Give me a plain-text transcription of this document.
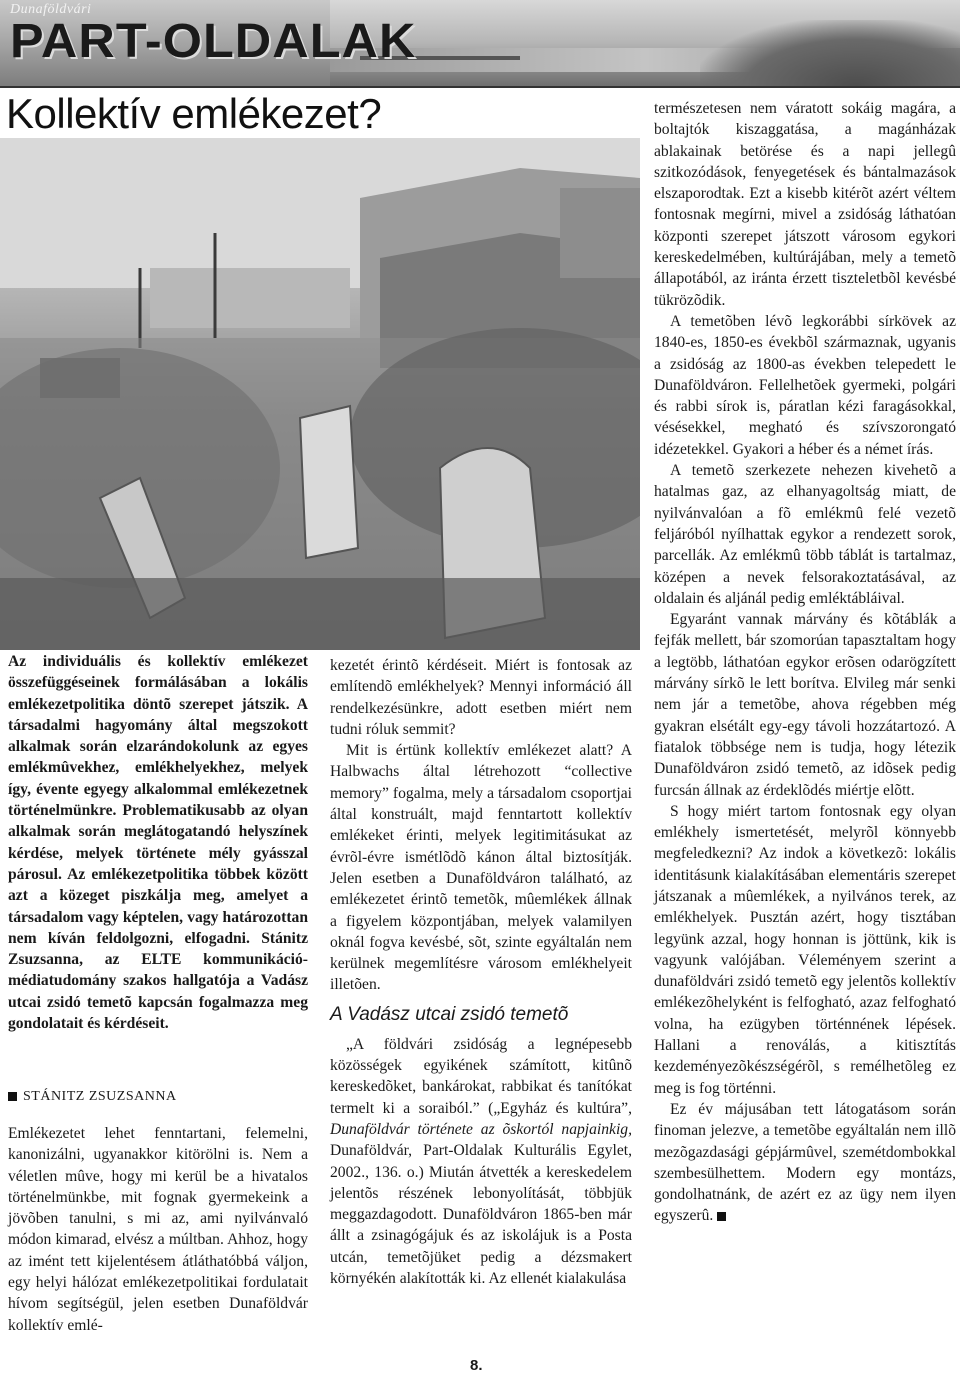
Dunaföldvári
PART-OLDALAK
Kollektív emlékezet?
Az individuális és kollektív emlékezet összefüggéseinek formálásában a lokális emlékezetpolitika döntõ szerepet játszik. A társadalmi hagyomány által megszokott alkalmak során elzarándokolunk az egyes emlékmûvekhez, emlékhelyekhez, melyek így, évente egyegy alkalommal emlékezetnek történelmünkre. Problematikusabb az olyan alkalmak során meglátogatandó helyszínek kérdése, melyek története mély gyásszal párosul. Az emlékezetpolitika többek között azt a közeget piszkálja meg, amelyet a társadalom vagy képtelen, vagy határozottan nem kíván feldolgozni, elfogadni. Stánitz Zsuzsanna, az ELTE kommunikáció-médiatudomány szakos hallgatója a Vadász utcai zsidó temetõ kapcsán fogalmazza meg gondolatait és kérdéseit.
STÁNITZ ZSUZSANNA

Emlékezetet lehet fenntartani, felemelni, kanonizálni, ugyanakkor kitörölni is. Nem a véletlen mûve, hogy mi kerül be a hivatalos történelmünkbe, mit fognak gyermekeink a jövõben tanulni, s mi az, ami nyilvánvaló módon kimarad, elvész a múltban. Ahhoz, hogy az imént tett kijelentésem átláthatóbbá váljon, egy helyi hálózat emlékezetpolitikai fordulatait hívom segítségül, jelen esetben Dunaföldvár kollektív emlé-

kezetét érintõ kérdéseit. Miért is fontosak az említendõ emlékhelyek? Mennyi információ áll rendelkezésünkre, adott esetben miért nem tudni róluk semmit?

Mit is értünk kollektív emlékezet alatt? A Halbwachs által létrehozott “collective memory” fogalma, mely a társadalom csoportjai által konstruált, majd fenntartott kollektív emlékeket érinti, melyek legitimitásukat az évrõl-évre ismétlõdõ kánon által biztosítják. Jelen esetben a Dunaföldváron található, az emlékezetet érintõ temetõk, mûemlékek állnak a figyelem központjában, melyek valamilyen oknál fogva kevésbé, sõt, szinte egyáltalán nem kerülnek megemlítésre városom emlékhelyeit illetõen.

A Vadász utcai zsidó temetõ

„A földvári zsidóság a legnépesebb közösségek egyikének számított, kitûnõ kereskedõket, bankárokat, rabbikat és tanítókat termelt ki a soraiból.” („Egyház és kultúra”, Dunaföldvár története az õskortól napjainkig, Dunaföldvár, Part-Oldalak Kulturális Egylet, 2002., 136. o.) Miután átvették a kereskedelem jelentõs részének lebonyolítását, többjük meggazdagodott. Dunaföldváron 1865-ben már állt a zsinagógájuk és az iskolájuk is a Posta utcán, temetõjüket pedig a dézsmakert környékén alakították ki. Az ellenét kialakulása

természetesen nem váratott sokáig magára, a boltajtók kiszaggatása, a magánházak ablakainak betörése és a napi jellegû szitkozódások, fenyegetések és bántalmazások elszaporodtak. Ezt a kisebb kitérõt azért véltem fontosnak megírni, mivel a zsidóság láthatóan központi szerepet játszott városom egykori kereskedelmében, kultúrájában, mely a temetõ állapotából, az iránta érzett tiszteletbõl kevésbé tükrözõdik.

A temetõben lévõ legkorábbi sírkövek az 1840-es, 1850-es évekbõl származnak, ugyanis a zsidóság az 1800-as években telepedett le Dunaföldváron. Fellelhetõek gyermeki, polgári és rabbi sírok is, páratlan kézi faragásokkal, vésésekkel, megható és szívszorongató idézetekkel. Gyakori a héber és a német írás.

A temetõ szerkezete nehezen kivehetõ a hatalmas gaz, az elhanyagoltság miatt, de nyilvánvalóan a fõ emlékmû felé vezetõ feljáróból nyílhattak egykor a rendezett sorok, parcellák. Az emlékmû több táblát is tartalmaz, középen a nevek felsorakoztatásával, az oldalain és aljánál pedig emléktábláival.

Egyaránt vannak márvány és kõtáblák a fejfák mellett, bár szomorúan tapasztaltam hogy a legtöbb, láthatóan egykor erõsen odarögzített márvány sírkõ le lett borítva. Elvileg már senki nem jár a temetõbe, ahova régebben még gyakran elsétált egy-egy távoli hozzátartozó. A fiatalok többsége nem is tudja, hogy létezik Dunaföldváron zsidó temetõ, az idõsek pedig furcsán állnak az érdeklõdés miértje elõtt.

S hogy miért tartom fontosnak egy olyan emlékhely ismertetését, melyrõl könnyebb megfeledkezni? Az indok a következõ: lokális identitásunk kialakításában elementáris szerepet játszanak a mûemlékek, a nyilvános terek, az emlékhelyek. Pusztán azért, hogy tisztában legyünk azzal, hogy honnan is jöttünk, kik is vagyunk valójában. Véleményem szerint a dunaföldvári zsidó temetõ egy jelentõs kollektív emlékezõhelyként is felfogható, azaz felfogható volna, ha ezügyben történnének lépések. Hallani a renoválás, a kitisztítás kezdeményezõkészségérõl, s remélhetõleg ez meg is fog történni.

Ez év májusában tett látogatásom során finoman jelezve, a temetõbe egyáltalán nem illõ mezõgazdasági gépjármûvel, szemétdombokkal szembesülhettem. Modern egy montázs, gondolhatnánk, de azért ez az ügy nem ilyen egyszerû.

8.
